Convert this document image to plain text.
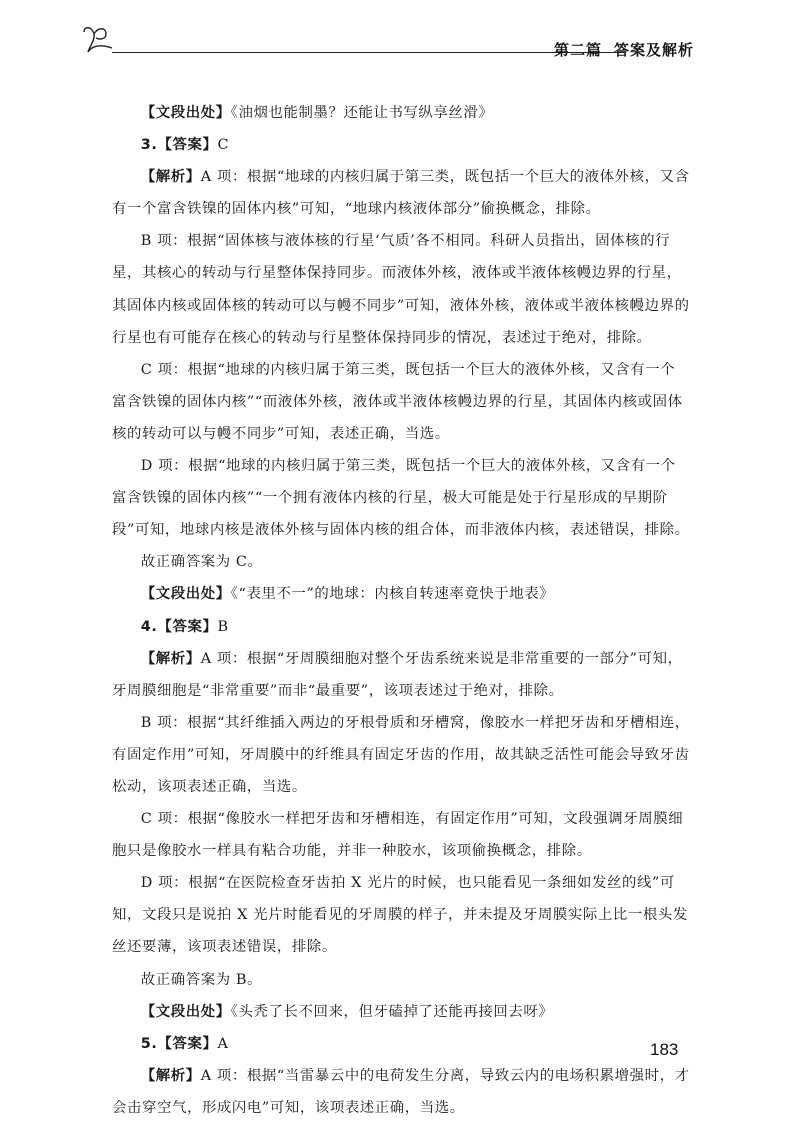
第二篇 答案及解析

【文段出处】《油烟也能制墨？还能让书写纵享丝滑》

3.【答案】C

【解析】A 项：根据“地球的内核归属于第三类，既包括一个巨大的液体外核，又含有一个富含铁镍的固体内核”可知，“地球内核液体部分”偷换概念，排除。

B 项：根据“固体核与液体核的行星‘气质’各不相同。科研人员指出，固体核的行星，其核心的转动与行星整体保持同步。而液体外核，液体或半液体核幔边界的行星，其固体内核或固体核的转动可以与幔不同步”可知，液体外核，液体或半液体核幔边界的行星也有可能存在核心的转动与行星整体保持同步的情况，表述过于绝对，排除。

C 项：根据“地球的内核归属于第三类，既包括一个巨大的液体外核，又含有一个富含铁镍的固体内核”“而液体外核，液体或半液体核幔边界的行星，其固体内核或固体核的转动可以与幔不同步”可知，表述正确，当选。

D 项：根据“地球的内核归属于第三类，既包括一个巨大的液体外核，又含有一个富含铁镍的固体内核”“一个拥有液体内核的行星，极大可能是处于行星形成的早期阶段”可知，地球内核是液体外核与固体内核的组合体，而非液体内核，表述错误，排除。

故正确答案为 C。

【文段出处】《“表里不一”的地球：内核自转速率竟快于地表》

4.【答案】B

【解析】A 项：根据“牙周膜细胞对整个牙齿系统来说是非常重要的一部分”可知，牙周膜细胞是“非常重要”而非“最重要”，该项表述过于绝对，排除。

B 项：根据“其纤维插入两边的牙根骨质和牙槽窝，像胶水一样把牙齿和牙槽相连，有固定作用”可知，牙周膜中的纤维具有固定牙齿的作用，故其缺乏活性可能会导致牙齿松动，该项表述正确，当选。

C 项：根据“像胶水一样把牙齿和牙槽相连，有固定作用”可知，文段强调牙周膜细胞只是像胶水一样具有粘合功能，并非一种胶水，该项偷换概念，排除。

D 项：根据“在医院检查牙齿拍 X 光片的时候，也只能看见一条细如发丝的线”可知，文段只是说拍 X 光片时能看见的牙周膜的样子，并未提及牙周膜实际上比一根头发丝还要薄，该项表述错误，排除。

故正确答案为 B。

【文段出处】《头秃了长不回来，但牙磕掉了还能再接回去呀》

5.【答案】A

【解析】A 项：根据“当雷暴云中的电荷发生分离，导致云内的电场积累增强时，才会击穿空气，形成闪电”可知，该项表述正确，当选。

183
